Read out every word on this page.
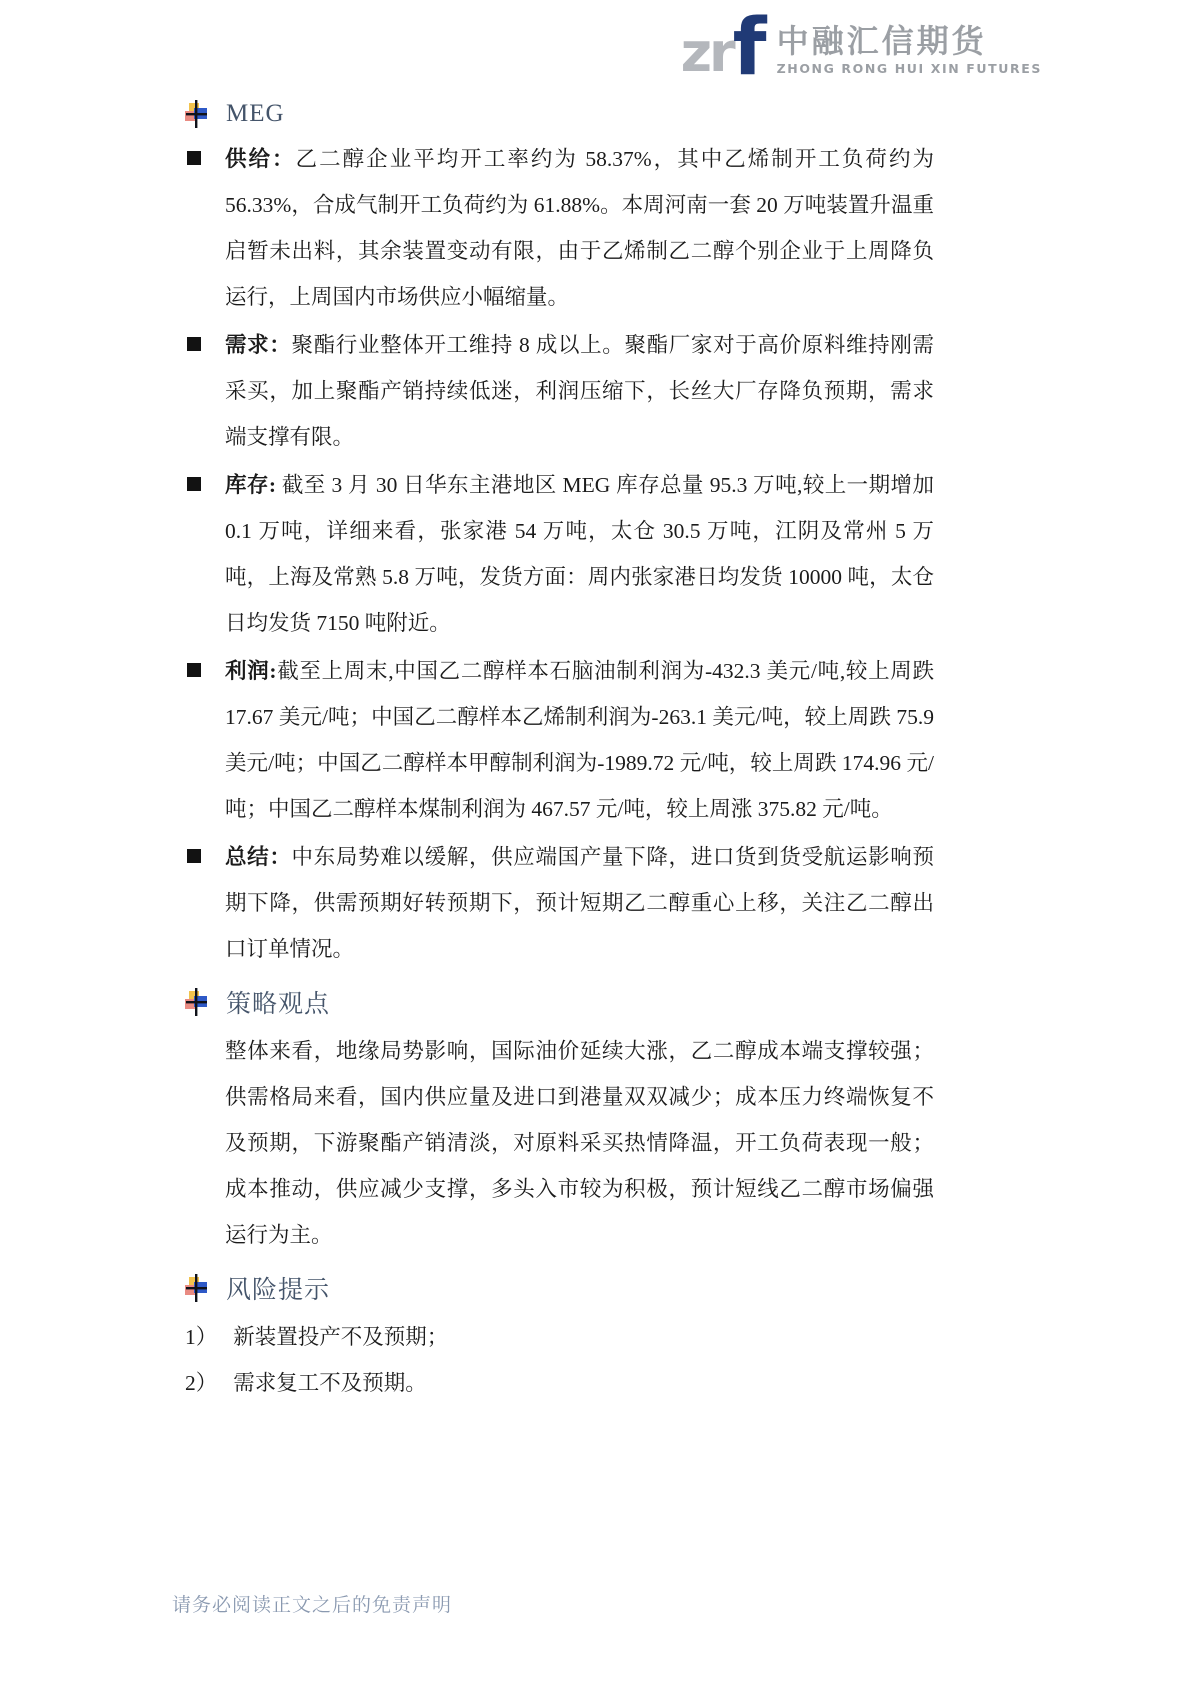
zr f 中融汇信期货
ZHONG RONG HUI XIN FUTURES
MEG
供给：乙二醇企业平均开工率约为 58.37%，其中乙烯制开工负荷约为 56.33%，合成气制开工负荷约为 61.88%。本周河南一套 20 万吨装置升温重启暂未出料，其余装置变动有限，由于乙烯制乙二醇个别企业于上周降负运行，上周国内市场供应小幅缩量。
需求：聚酯行业整体开工维持 8 成以上。聚酯厂家对于高价原料维持刚需采买，加上聚酯产销持续低迷，利润压缩下，长丝大厂存降负预期，需求端支撑有限。
库存: 截至 3 月 30 日华东主港地区 MEG 库存总量 95.3 万吨,较上一期增加 0.1 万吨，详细来看，张家港 54 万吨，太仓 30.5 万吨，江阴及常州 5 万吨，上海及常熟 5.8 万吨，发货方面：周内张家港日均发货 10000 吨，太仓日均发货 7150 吨附近。
利润:截至上周末,中国乙二醇样本石脑油制利润为-432.3 美元/吨,较上周跌 17.67 美元/吨；中国乙二醇样本乙烯制利润为-263.1 美元/吨，较上周跌 75.9 美元/吨；中国乙二醇样本甲醇制利润为-1989.72 元/吨，较上周跌 174.96 元/吨；中国乙二醇样本煤制利润为 467.57 元/吨，较上周涨 375.82 元/吨。
总结：中东局势难以缓解，供应端国产量下降，进口货到货受航运影响预期下降，供需预期好转预期下，预计短期乙二醇重心上移，关注乙二醇出口订单情况。
策略观点
整体来看，地缘局势影响，国际油价延续大涨，乙二醇成本端支撑较强；供需格局来看，国内供应量及进口到港量双双减少；成本压力终端恢复不及预期，下游聚酯产销清淡，对原料采买热情降温，开工负荷表现一般；成本推动，供应减少支撑，多头入市较为积极，预计短线乙二醇市场偏强运行为主。
风险提示
1） 新装置投产不及预期；
2） 需求复工不及预期。
请务必阅读正文之后的免责声明
